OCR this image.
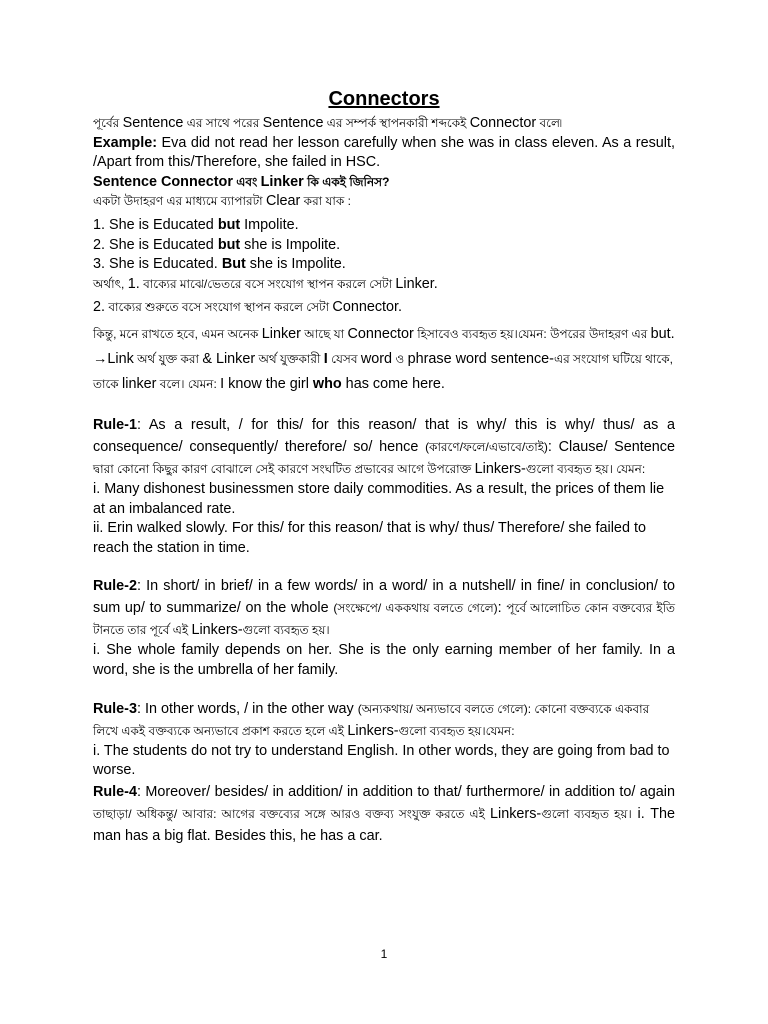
Connectors

পূর্বের Sentence এর সাথে পরের Sentence এর সম্পর্ক স্থাপনকারী শব্দকেই Connector বলে৷

Example: Eva did not read her lesson carefully when she was in class eleven. As a result, /Apart from this/Therefore, she failed in HSC.

Sentence Connector এবং Linker কি একই জিনিস?

একটা উদাহরণ এর মাধ্যমে ব্যাপারটা Clear করা যাক :

1. She is Educated but Impolite.

2. She is Educated but she is Impolite.

3. She is Educated. But she is Impolite.

অর্থাৎ, 1. বাক্যের মাঝে/ভেতরে বসে সংযোগ স্থাপন করলে সেটা Linker.

2. বাক্যের শুরুতে বসে সংযোগ স্থাপন করলে সেটা Connector.

কিন্তু, মনে রাখতে হবে, এমন অনেক Linker আছে যা Connector হিসাবেও ব্যবহৃত হয়।যেমন: উপরের উদাহরণ এর but. →Link অর্থ যুক্ত করা & Linker অর্থ যুক্তকারী I যেসব word ও phrase word sentence-এর সংযোগ ঘটিয়ে থাকে, তাকে linker বলে। যেমন: I know the girl who has come here.

Rule-1: As a result, / for this/ for this reason/ that is why/ this is why/ thus/ as a consequence/ consequently/ therefore/ so/ hence (কারণে/ফলে/এভাবে/তাই): Clause/ Sentence দ্বারা কোনো কিছুর কারণ বোঝালে সেই কারণে সংঘটিত প্রভাবের আগে উপরোক্ত Linkers-গুলো ব্যবহৃত হয়। যেমন:

i. Many dishonest businessmen store daily commodities. As a result, the prices of them lie at an imbalanced rate.

ii. Erin walked slowly. For this/ for this reason/ that is why/ thus/ Therefore/ she failed to reach the station in time.

Rule-2: In short/ in brief/ in a few words/ in a word/ in a nutshell/ in fine/ in conclusion/ to sum up/ to summarize/ on the whole (সংক্ষেপে/ এককথায় বলতে গেলে): পূর্বে আলোচিত কোন বক্তব্যের ইতি টানতে তার পূর্বে এই Linkers-গুলো ব্যবহৃত হয়।

i. She whole family depends on her. She is the only earning member of her family. In a word, she is the umbrella of her family.

Rule-3: In other words, / in the other way (অন্যকথায়/ অন্যভাবে বলতে গেলে): কোনো বক্তব্যকে একবার লিখে একই বক্তব্যকে অন্যভাবে প্রকাশ করতে হলে এই Linkers-গুলো ব্যবহৃত হয়।যেমন:

i. The students do not try to understand English. In other words, they are going from bad to worse.

Rule-4: Moreover/ besides/ in addition/ in addition to that/ furthermore/ in addition to/ again তাছাড়া/ অধিকন্তু/ আবার: আগের বক্তব্যের সঙ্গে আরও বক্তব্য সংযুক্ত করতে এই Linkers-গুলো ব্যবহৃত হয়। i. The man has a big flat. Besides this, he has a car.

1
